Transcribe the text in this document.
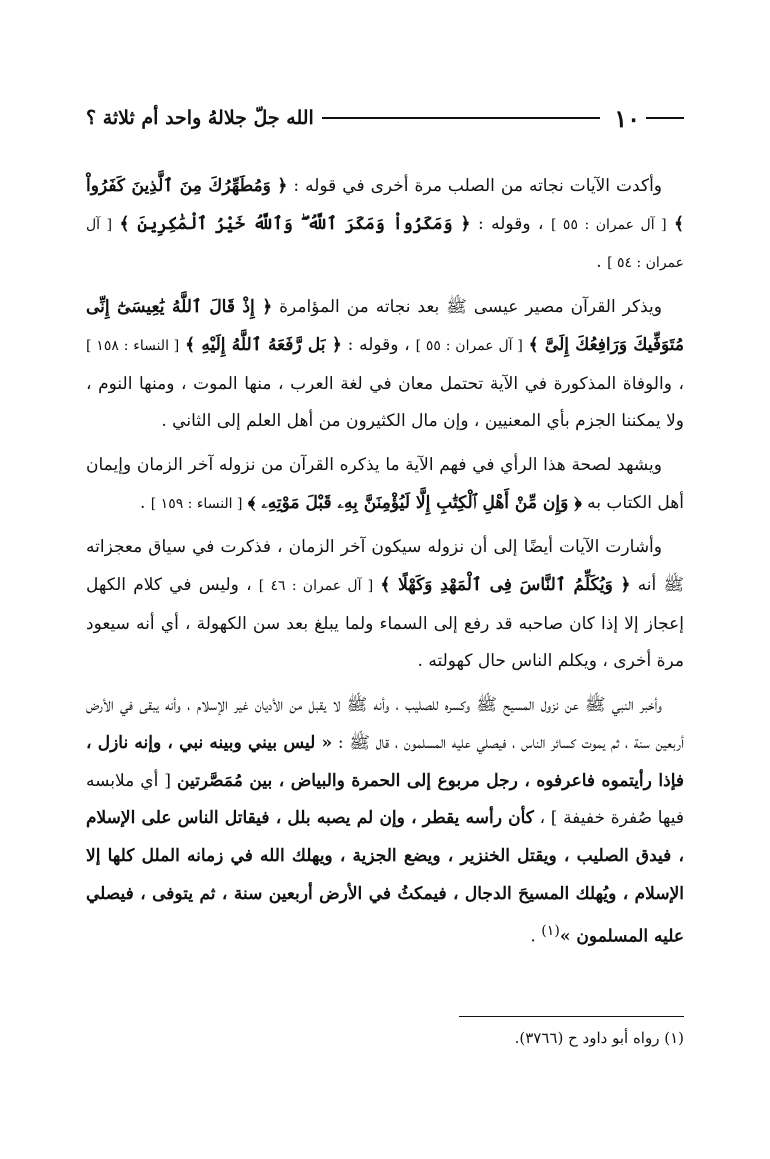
١٠
الله جلّ جلالهُ واحد أم ثلاثة ؟

وأكدت الآيات نجاته من الصلب مرة أخرى في قوله : ﴿ وَمُطَهِّرُكَ مِنَ ٱلَّذِينَ كَفَرُواْ ﴾ [ آل عمران : ٥٥ ] ، وقوله : ﴿ وَمَكَرُواْ وَمَكَرَ ٱللَّهُ ۖ وَٱللَّهُ خَيْرُ ٱلْمَٰكِرِينَ ﴾ [ آل عمران : ٥٤ ] .

ويذكر القرآن مصير عيسى ﷺ بعد نجاته من المؤامرة ﴿ إِذْ قَالَ ٱللَّهُ يَٰعِيسَىٰٓ إِنِّى مُتَوَفِّيكَ وَرَافِعُكَ إِلَىَّ ﴾ [ آل عمران : ٥٥ ] ، وقوله : ﴿ بَل رَّفَعَهُ ٱللَّهُ إِلَيْهِ ﴾ [ النساء : ١٥٨ ] ، والوفاة المذكورة في الآية تحتمل معان في لغة العرب ، منها الموت ، ومنها النوم ، ولا يمكننا الجزم بأي المعنيين ، وإن مال الكثيرون من أهل العلم إلى الثاني .

ويشهد لصحة هذا الرأي في فهم الآية ما يذكره القرآن من نزوله آخر الزمان وإيمان أهل الكتاب به ﴿ وَإِن مِّنْ أَهْلِ ٱلْكِتَٰبِ إِلَّا لَيُؤْمِنَنَّ بِهِۦ قَبْلَ مَوْتِهِۦ ﴾ [ النساء : ١٥٩ ] .

وأشارت الآيات أيضًا إلى أن نزوله سيكون آخر الزمان ، فذكرت في سياق معجزاته ﷺ أنه ﴿ وَيُكَلِّمُ ٱلنَّاسَ فِى ٱلْمَهْدِ وَكَهْلًا ﴾ [ آل عمران : ٤٦ ] ، وليس في كلام الكهل إعجاز إلا إذا كان صاحبه قد رفع إلى السماء ولما يبلغ بعد سن الكهولة ، أي أنه سيعود مرة أخرى ، ويكلم الناس حال كهولته .

وأخبر النبي ﷺ عن نزول المسيح ﷺ وكسره للصليب ، وأنه ﷺ لا يقبل من الأديان غير الإسلام ، وأنه يبقى في الأرض أربعين سنة ، ثم يموت كسائر الناس ، فيصلي عليه المسلمون ، قال ﷺ : « ليس بيني وبينه نبي ، وإنه نازل ، فإذا رأيتموه فاعرفوه ، رجل مربوع إلى الحمرة والبياض ، بين مُمَصَّرتين [ أي ملابسه فيها صُفرة خفيفة ] ، كأن رأسه يقطر ، وإن لم يصبه بلل ، فيقاتل الناس على الإسلام ، فيدق الصليب ، ويقتل الخنزير ، ويضع الجزية ، ويهلك الله في زمانه الملل كلها إلا الإسلام ، ويُهلك المسيحَ الدجال ، فيمكثُ في الأرض أربعين سنة ، ثم يتوفى ، فيصلي عليه المسلمون »$^{(١)}$ .

(١) رواه أبو داود ح (٣٧٦٦).
